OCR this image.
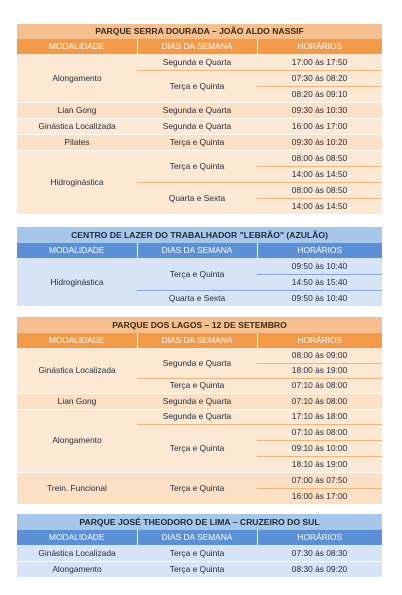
PARQUE SERRA DOURADA – JOÃO ALDO NASSIF		
MODALIDADE	DIAS DA SEMANA	HORÁRIOS
Alongamento	Segunda e Quarta	17:00 às 17:50
	Terça e Quinta	07:30 às 08:20
		08:20 às 09:10
Lian Gong	Segunda e Quarta	09:30 às 10:30
Ginástica Localizada	Segunda e Quarta	16:00 às 17:00
Pilates	Terça e Quinta	09:30 às 10:20
Hidroginástica	Terça e Quinta	08:00 às 08:50
		14:00 às 14:50
	Quarta e Sexta	08:00 às 08:50
		14:00 às 14:50
CENTRO DE LAZER DO TRABALHADOR "LEBRÃO" (AZULÃO)		
MODALIDADE	DIAS DA SEMANA	HORÁRIOS
Hidroginástica	Terça e Quinta	09:50 às 10:40
		14:50 às 15:40
	Quarta e Sexta	09:50 às 10:40
PARQUE DOS LAGOS – 12 DE SETEMBRO		
MODALIDADE	DIAS DA SEMANA	HORÁRIOS
Ginástica Localizada	Segunda e Quarta	08:00 às 09:00
		18:00 às 19:00
	Terça e Quinta	07:10 às 08:00
Lian Gong	Segunda e Quarta	07:10 às 08:00
Alongamento	Segunda e Quarta	17:10 às 18:00
	Terça e Quinta	07:10 às 08:00
		09:10 às 10:00
		18:10 às 19:00
Trein. Funcional	Terça e Quinta	07:00 às 07:50
		16:00 às 17:00
PARQUE JOSÉ THEODORO DE LIMA – CRUZEIRO DO SUL		
MODALIDADE	DIAS DA SEMANA	HORÁRIOS
Ginástica Localizada	Terça e Quinta	07:30 às 08:30
Alongamento	Terça e Quinta	08:30 às 09:20
